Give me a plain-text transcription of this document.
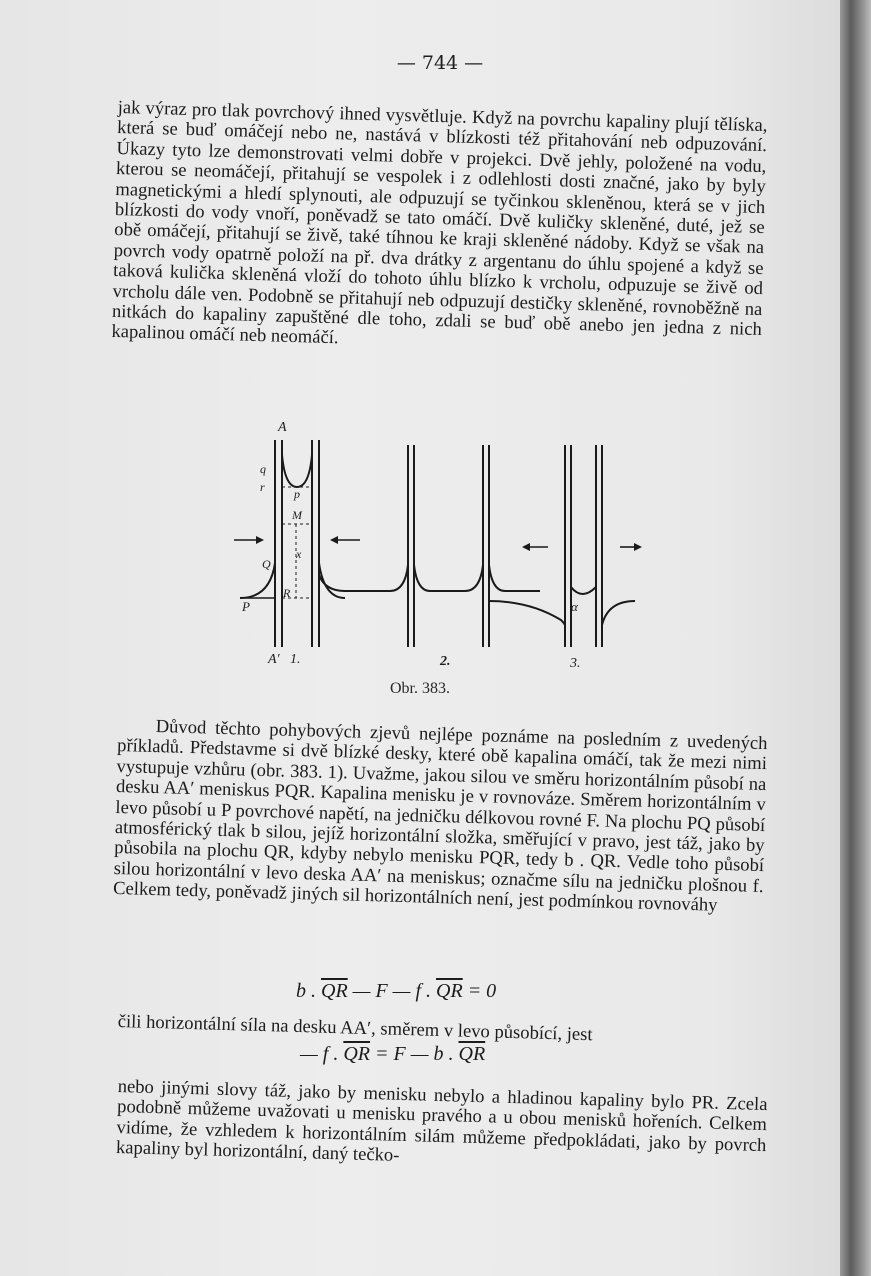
— 744 —

jak výraz pro tlak povrchový ihned vysvětluje. Když na povrchu kapaliny plují tělíska, která se buď omáčejí nebo ne, nastává v blízkosti též přitahování neb odpuzování. Úkazy tyto lze demonstrovati velmi dobře v projekci. Dvě jehly, položené na vodu, kterou se neomáčejí, přitahují se vespolek i z odlehlosti dosti značné, jako by byly magnetickými a hledí splynouti, ale odpuzují se tyčinkou skleněnou, která se v jich blízkosti do vody vnoří, poněvadž se tato omáčí. Dvě kuličky skleněné, duté, jež se obě omáčejí, přitahují se živě, také tíhnou ke kraji skleněné nádoby. Když se však na povrch vody opatrně položí na př. dva drátky z argentanu do úhlu spojené a když se taková kulička skleněná vloží do tohoto úhlu blízko k vrcholu, odpuzuje se živě od vrcholu dále ven. Podobně se přitahují neb odpuzují destičky skleněné, rovnoběžně na nitkách do kapaliny zapuštěné dle toho, zdali se buď obě anebo jen jedna z nich kapalinou omáčí neb neomáčí.

A
q
r p
M
x
Q
R
P	α
A′ 1.	2.	3.
Obr. 383.

Důvod těchto pohybových zjevů nejlépe poznáme na posledním z uvedených příkladů. Představme si dvě blízké desky, které obě kapalina omáčí, tak že mezi nimi vystupuje vzhůru (obr. 383. 1). Uvažme, jakou silou ve směru horizontálním působí na desku AA′ meniskus PQR. Kapalina menisku je v rovnováze. Směrem horizontálním v levo působí u P povrchové napětí, na jedničku délkovou rovné F. Na plochu PQ působí atmosférický tlak b silou, jejíž horizontální složka, směřující v pravo, jest táž, jako by působila na plochu QR, kdyby nebylo menisku PQR, tedy b . QR. Vedle toho působí silou horizontální v levo deska AA′ na meniskus; označme sílu na jedničku plošnou f. Celkem tedy, poněvadž jiných sil horizontálních není, jest podmínkou rovnováhy

b . $\overline{QR}$ — F — f . $\overline{QR} = 0$

čili horizontální síla na desku AA′, směrem v levo působící, jest

— f . $\overline{QR} = F$ — b . $\overline{QR}$

nebo jinými slovy táž, jako by menisku nebylo a hladinou kapaliny bylo PR. Zcela podobně můžeme uvažovati u menisku pravého a u obou menisků hořeních. Celkem vidíme, že vzhledem k horizontálním silám můžeme předpokládati, jako by povrch kapaliny byl horizontální, daný tečko-
